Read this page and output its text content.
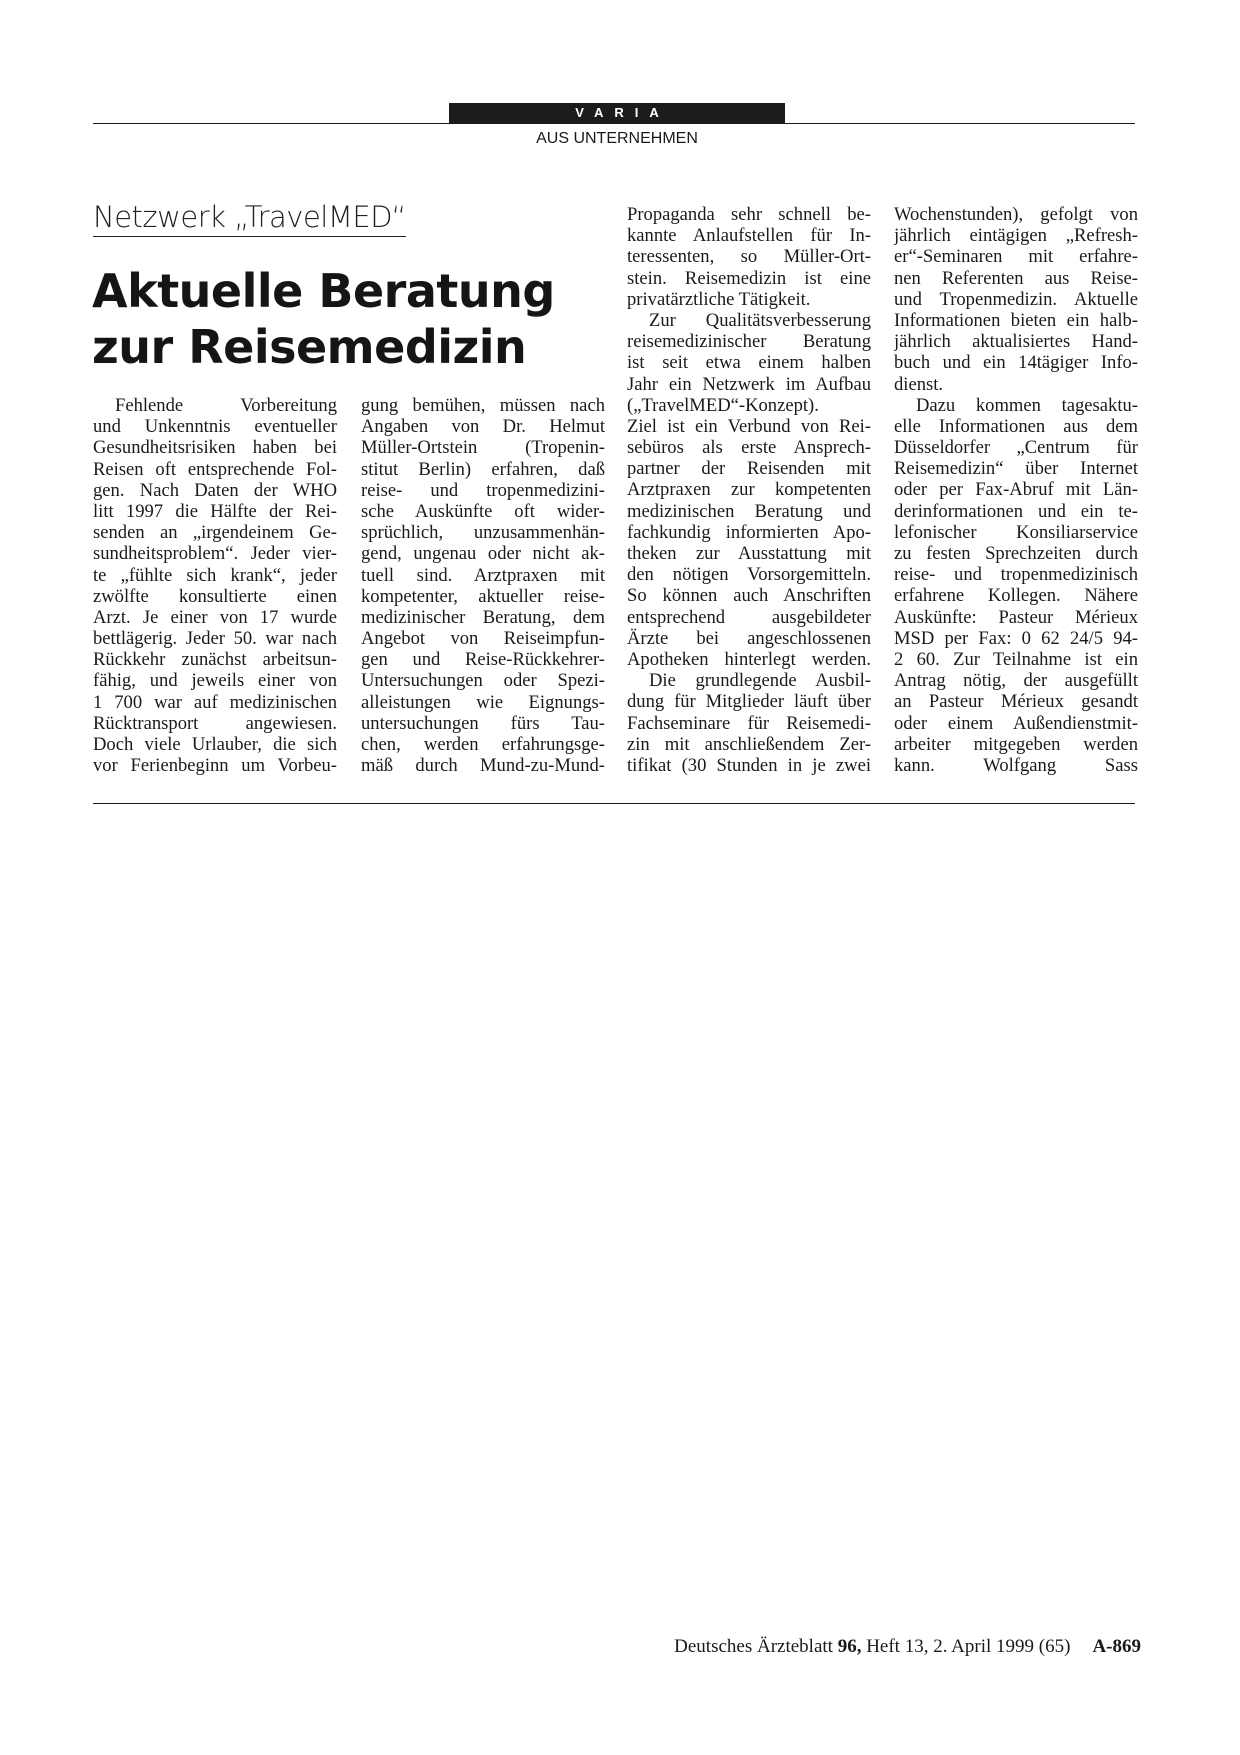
VARIA
AUS UNTERNEHMEN
Netzwerk „TravelMED“
Aktuelle Beratung
zur Reisemedizin
Fehlende Vorbereitung
und Unkenntnis eventueller
Gesundheitsrisiken haben bei
Reisen oft entsprechende Fol-
gen. Nach Daten der WHO
litt 1997 die Hälfte der Rei-
senden an „irgendeinem Ge-
sundheitsproblem“. Jeder vier-
te „fühlte sich krank“, jeder
zwölfte konsultierte einen
Arzt. Je einer von 17 wurde
bettlägerig. Jeder 50. war nach
Rückkehr zunächst arbeitsun-
fähig, und jeweils einer von
1 700 war auf medizinischen
Rücktransport angewiesen.
Doch viele Urlauber, die sich
vor Ferienbeginn um Vorbeu-
gung bemühen, müssen nach
Angaben von Dr. Helmut
Müller-Ortstein (Tropenin-
stitut Berlin) erfahren, daß
reise- und tropenmedizini-
sche Auskünfte oft wider-
sprüchlich, unzusammenhän-
gend, ungenau oder nicht ak-
tuell sind. Arztpraxen mit
kompetenter, aktueller reise-
medizinischer Beratung, dem
Angebot von Reiseimpfun-
gen und Reise-Rückkehrer-
Untersuchungen oder Spezi-
alleistungen wie Eignungs-
untersuchungen fürs Tau-
chen, werden erfahrungsge-
mäß durch Mund-zu-Mund-
Propaganda sehr schnell be-
kannte Anlaufstellen für In-
teressenten, so Müller-Ort-
stein. Reisemedizin ist eine
privatärztliche Tätigkeit.
Zur Qualitätsverbesserung
reisemedizinischer Beratung
ist seit etwa einem halben
Jahr ein Netzwerk im Aufbau
(„TravelMED“-Konzept).
Ziel ist ein Verbund von Rei-
sebüros als erste Ansprech-
partner der Reisenden mit
Arztpraxen zur kompetenten
medizinischen Beratung und
fachkundig informierten Apo-
theken zur Ausstattung mit
den nötigen Vorsorgemitteln.
So können auch Anschriften
entsprechend ausgebildeter
Ärzte bei angeschlossenen
Apotheken hinterlegt werden.
Die grundlegende Ausbil-
dung für Mitglieder läuft über
Fachseminare für Reisemedi-
zin mit anschließendem Zer-
tifikat (30 Stunden in je zwei
Wochenstunden), gefolgt von
jährlich eintägigen „Refresh-
er“-Seminaren mit erfahre-
nen Referenten aus Reise-
und Tropenmedizin. Aktuelle
Informationen bieten ein halb-
jährlich aktualisiertes Hand-
buch und ein 14tägiger Info-
dienst.
Dazu kommen tagesaktu-
elle Informationen aus dem
Düsseldorfer „Centrum für
Reisemedizin“ über Internet
oder per Fax-Abruf mit Län-
derinformationen und ein te-
lefonischer Konsiliarservice
zu festen Sprechzeiten durch
reise- und tropenmedizinisch
erfahrene Kollegen. Nähere
Auskünfte: Pasteur Mérieux
MSD per Fax: 0 62 24/5 94-
2 60. Zur Teilnahme ist ein
Antrag nötig, der ausgefüllt
an Pasteur Mérieux gesandt
oder einem Außendienstmit-
arbeiter mitgegeben werden
kann.	Wolfgang Sass
Deutsches Ärzteblatt 96, Heft 13, 2. April 1999 (65) A-869
